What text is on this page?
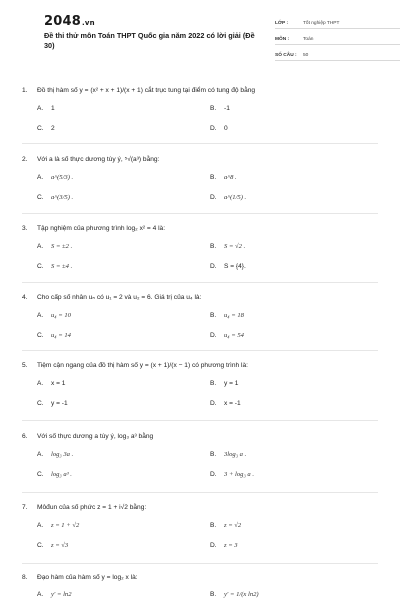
2048.vn
Đề thi thử môn Toán THPT Quốc gia năm 2022 có lời giải (Đề 30)
LỚP :	Tốt nghiệp THPT
MÔN :	Toán
SỐ CÂU :	50
1.	Đồ thị hàm số y = (x² + x + 1)/(x + 1) cắt trục tung tại điểm có tung độ bằng
A.	1	B.	-1
C.	2	D.	0
2.	Với a là số thực dương tùy ý, ⁵√(a³) bằng:
A.	a^(5/3) .	B.	a^8 .
C.	a^(3/5) .	D.	a^(1/5) .
3.	Tập nghiệm của phương trình log₂ x² = 4 là:
A.	S = ±2 .	B.	S = √2 .
C.	S = ±4 .	D.	S = {4}.
4.	Cho cấp số nhân uₙ có u₁ = 2 và u₂ = 6. Giá trị của u₄ là:
A.	u₄ = 10	B.	u₄ = 18
C.	u₄ = 14	D.	u₄ = 54
5.	Tiệm cận ngang của đồ thị hàm số y = (x + 1)/(x − 1) có phương trình là:
A.	x = 1	B.	y = 1
C.	y = -1	D.	x = -1
6.	Với số thực dương a tùy ý, log₃ a³ bằng
A.	log₃ 3a .	B.	3log₃ a .
C.	log₃ a³ .	D.	3 + log₃ a .
7.	Môđun của số phức z = 1 + i√2 bằng:
A.	z = 1 + √2	B.	z = √2
C.	z = √3	D.	z = 3
8.	Đạo hàm của hàm số y = log₂ x là:
A.	y' = ln2	B.	y' = 1/(x ln2)
